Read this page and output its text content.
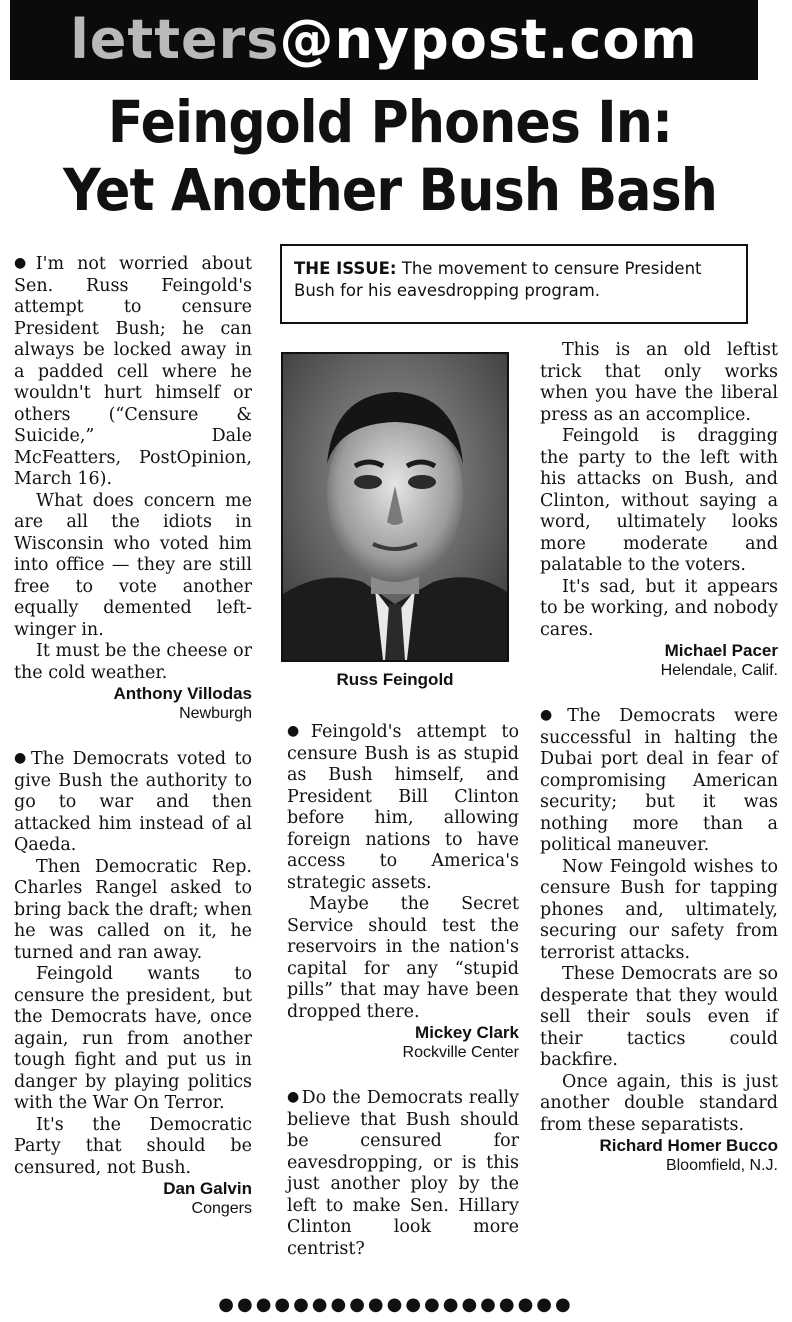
letters@nypost.com
Feingold Phones In:
Yet Another Bush Bash

● I'm not worried about Sen. Russ Feingold's attempt to censure President Bush; he can always be locked away in a padded cell where he wouldn't hurt himself or others (“Censure & Suicide,” Dale McFeatters, PostOpinion, March 16).

What does concern me are all the idiots in Wisconsin who voted him into office — they are still free to vote another equally demented left-winger in.

It must be the cheese or the cold weather.

Anthony Villodas
Newburgh

● The Democrats voted to give Bush the authority to go to war and then attacked him instead of al Qaeda.

Then Democratic Rep. Charles Rangel asked to bring back the draft; when he was called on it, he turned and ran away.

Feingold wants to censure the president, but the Democrats have, once again, run from another tough fight and put us in danger by playing politics with the War On Terror.

It's the Democratic Party that should be censured, not Bush.

Dan Galvin
Congers
THE ISSUE: The movement to censure President Bush for his eavesdropping program.
Russ Feingold

● Feingold's attempt to censure Bush is as stupid as Bush himself, and President Bill Clinton before him, allowing foreign nations to have access to America's strategic assets.

Maybe the Secret Service should test the reservoirs in the nation's capital for any “stupid pills” that may have been dropped there.

Mickey Clark
Rockville Center

● Do the Democrats really believe that Bush should be censured for eavesdropping, or is this just another ploy by the left to make Sen. Hillary Clinton look more centrist?

This is an old leftist trick that only works when you have the liberal press as an accomplice.

Feingold is dragging the party to the left with his attacks on Bush, and Clinton, without saying a word, ultimately looks more moderate and palatable to the voters.

It's sad, but it appears to be working, and nobody cares.

Michael Pacer
Helendale, Calif.

● The Democrats were successful in halting the Dubai port deal in fear of compromising American security; but it was nothing more than a political maneuver.

Now Feingold wishes to censure Bush for tapping phones and, ultimately, securing our safety from terrorist attacks.

These Democrats are so desperate that they would sell their souls even if their tactics could backfire.

Once again, this is just another double standard from these separatists.

Richard Homer Bucco
Bloomfield, N.J.
●●●●●●●●●●●●●●●●●●●
